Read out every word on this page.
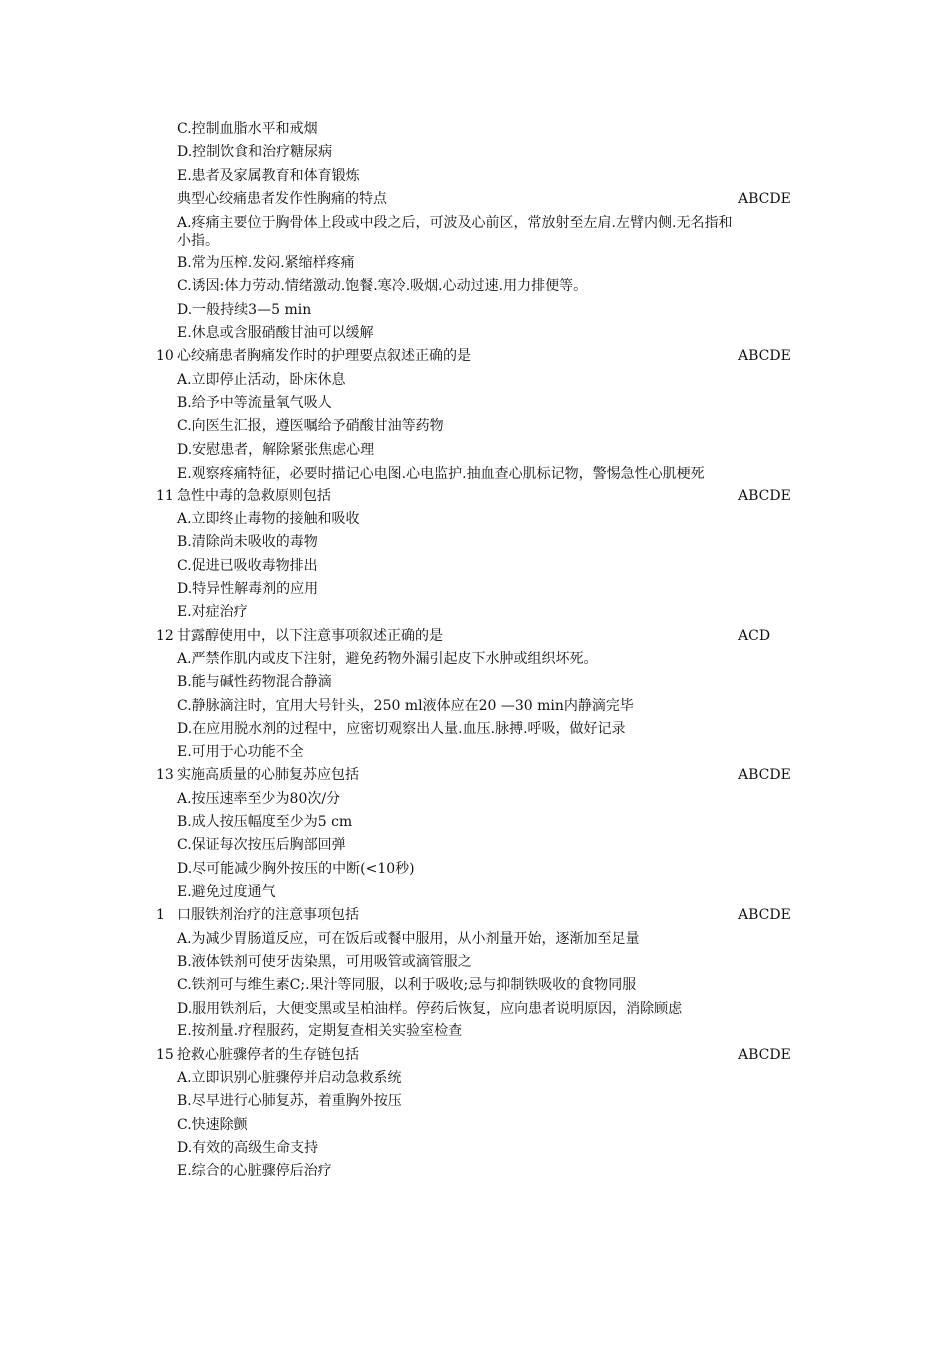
C.控制血脂水平和戒烟
D.控制饮食和治疗糖尿病
E.患者及家属教育和体育锻炼
典型心绞痛患者发作性胸痛的特点	ABCDE
A.疼痛主要位于胸骨体上段或中段之后，可波及心前区，常放射至左肩.左臂内侧.无名指和小指。
B.常为压榨.发闷.紧缩样疼痛
C.诱因:体力劳动.情绪激动.饱餐.寒冷.吸烟.心动过速.用力排便等。
D.一般持续3—5 min
E.休息或含服硝酸甘油可以缓解
10 心绞痛患者胸痛发作时的护理要点叙述正确的是	ABCDE
A.立即停止活动，卧床休息
B.给予中等流量氧气吸人
C.向医生汇报，遵医嘱给予硝酸甘油等药物
D.安慰患者，解除紧张焦虑心理
E.观察疼痛特征，必要时描记心电图.心电监护.抽血查心肌标记物，警惕急性心肌梗死
11 急性中毒的急救原则包括	ABCDE
A.立即终止毒物的接触和吸收
B.清除尚未吸收的毒物
C.促进已吸收毒物排出
D.特异性解毒剂的应用
E.对症治疗
12 甘露醇使用中，以下注意事项叙述正确的是	ACD
A.严禁作肌内或皮下注射，避免药物外漏引起皮下水肿或组织坏死。
B.能与碱性药物混合静滴
C.静脉滴注时，宜用大号针头，250 ml液体应在20 —30 min内静滴完毕
D.在应用脱水剂的过程中，应密切观察出人量.血压.脉搏.呼吸，做好记录
E.可用于心功能不全
13 实施高质量的心肺复苏应包括	ABCDE
A.按压速率至少为80次/分
B.成人按压幅度至少为5 cm
C.保证每次按压后胸部回弹
D.尽可能减少胸外按压的中断(<10秒)
E.避免过度通气
1 口服铁剂治疗的注意事项包括	ABCDE
A.为减少胃肠道反应，可在饭后或餐中服用，从小剂量开始，逐渐加至足量
B.液体铁剂可使牙齿染黑，可用吸管或滴管服之
C.铁剂可与维生素C;.果汁等同服，以利于吸收;忌与抑制铁吸收的食物同服
D.服用铁剂后，大便变黑或呈柏油样。停药后恢复，应向患者说明原因，消除顾虑
E.按剂量.疗程服药，定期复查相关实验室检查
15 抢救心脏骤停者的生存链包括	ABCDE
A.立即识别心脏骤停并启动急救系统
B.尽早进行心肺复苏，着重胸外按压
C.快速除颤
D.有效的高级生命支持
E.综合的心脏骤停后治疗
